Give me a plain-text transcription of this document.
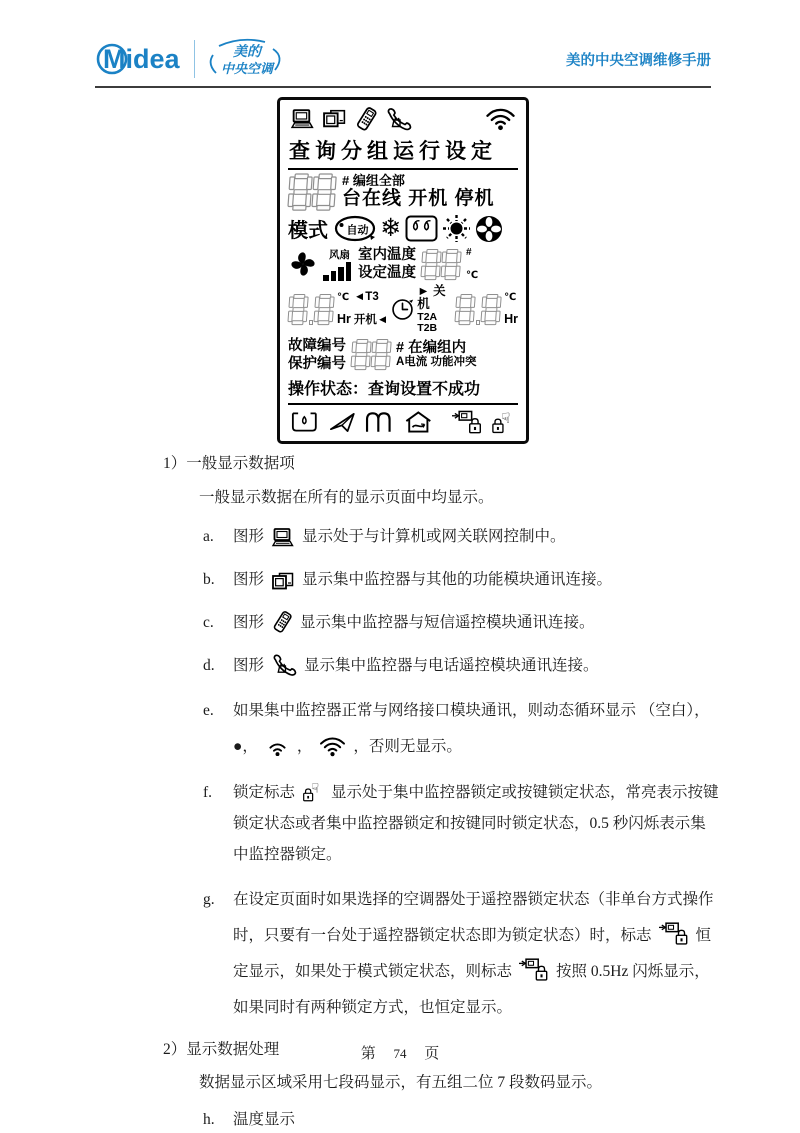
Midea	美的
中央空调	美的中央空调维修手册
查询分组运行设定
# 编组全部
台在线 开机 停机
模式 自动 ❄
风扇 室内温度
设定温度
#
℃
℃
Hr
◄T3
开机◄
► 关机
T2A
T2B
℃
Hr
故障编号
保护编号
# 在编组内
A电流 功能冲突
操作状态： 查询设置不成功
1）一般显示数据项
一般显示数据在所有的显示页面中均显示。
a.	图形 显示处于与计算机或网关联网控制中。
b.	图形 显示集中监控器与其他的功能模块通讯连接。
c.	图形 显示集中监控器与短信遥控模块通讯连接。
d.	图形	显示集中监控器与电话遥控模块通讯连接。
e.	如果集中监控器正常与网络接口模块通讯，则动态循环显示 （空白），●，	，	，否则无显示。
f.	锁定标志 显示处于集中监控器锁定或按键锁定状态，常亮表示按键锁定状态或者集中监控器锁定和按键同时锁定状态，0.5 秒闪烁表示集中监控器锁定。
g.	在设定页面时如果选择的空调器处于遥控器锁定状态（非单台方式操作时，只要有一台处于遥控器锁定状态即为锁定状态）时，标志	恒定显示，如果处于模式锁定状态，则标志	按照 0.5Hz 闪烁显示，如果同时有两种锁定方式，也恒定显示。
2）显示数据处理
数据显示区域采用七段码显示，有五组二位 7 段数码显示。
h.	温度显示
第 74 页
